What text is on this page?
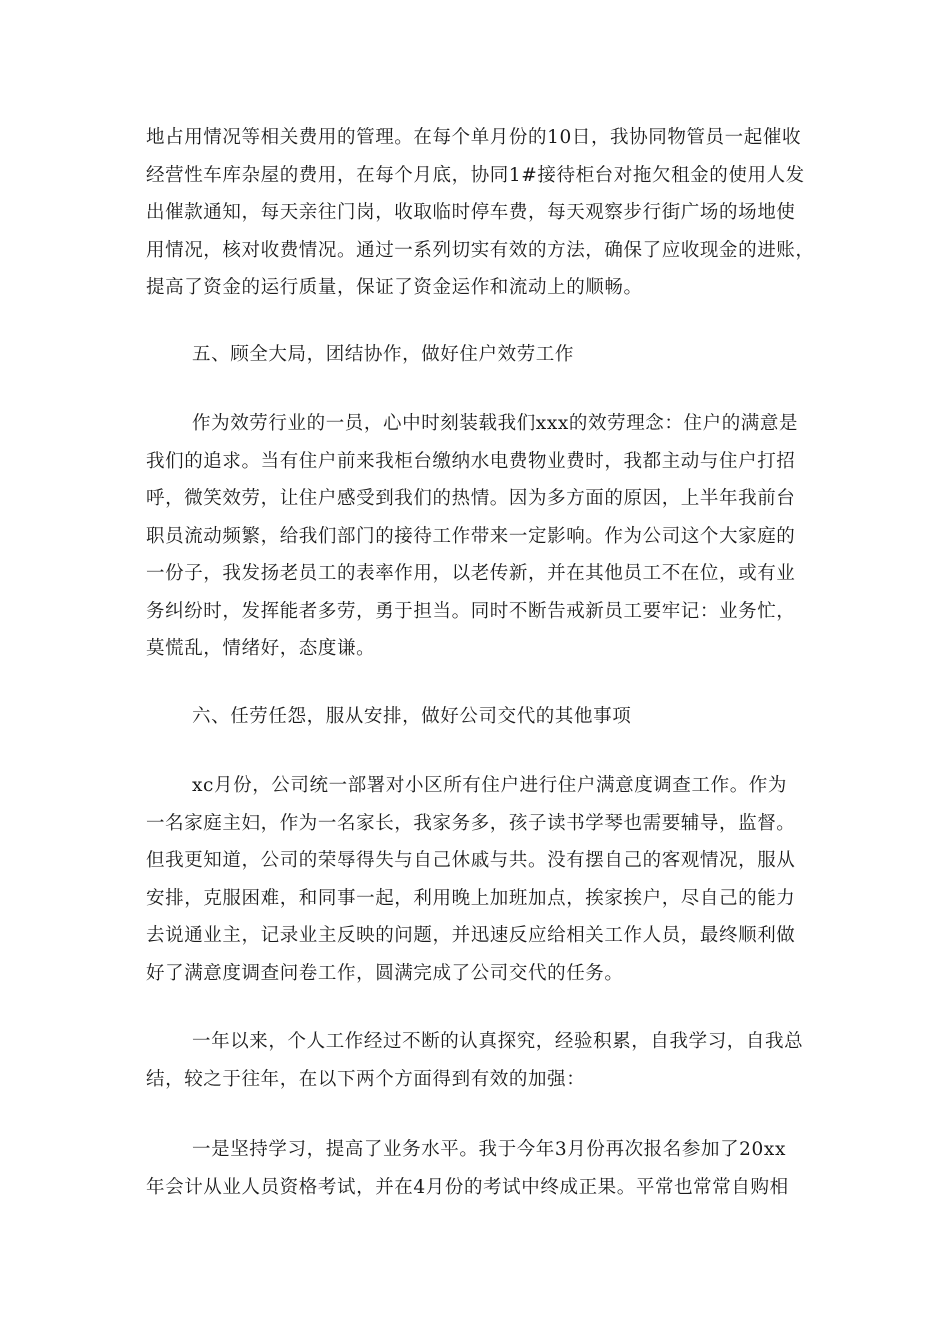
地占用情况等相关费用的管理。在每个单月份的10日，我协同物管员一起催收
经营性车库杂屋的费用，在每个月底，协同1#接待柜台对拖欠租金的使用人发
出催款通知，每天亲往门岗，收取临时停车费，每天观察步行街广场的场地使
用情况，核对收费情况。通过一系列切实有效的方法，确保了应收现金的进账，
提高了资金的运行质量，保证了资金运作和流动上的顺畅。
五、顾全大局，团结协作，做好住户效劳工作
作为效劳行业的一员，心中时刻装载我们xxx的效劳理念：住户的满意是
我们的追求。当有住户前来我柜台缴纳水电费物业费时，我都主动与住户打招
呼，微笑效劳，让住户感受到我们的热情。因为多方面的原因，上半年我前台
职员流动频繁，给我们部门的接待工作带来一定影响。作为公司这个大家庭的
一份子，我发扬老员工的表率作用，以老传新，并在其他员工不在位，或有业
务纠纷时，发挥能者多劳，勇于担当。同时不断告戒新员工要牢记：业务忙，
莫慌乱，情绪好，态度谦。
六、任劳任怨，服从安排，做好公司交代的其他事项
xc月份，公司统一部署对小区所有住户进行住户满意度调查工作。作为
一名家庭主妇，作为一名家长，我家务多，孩子读书学琴也需要辅导，监督。
但我更知道，公司的荣辱得失与自己休戚与共。没有摆自己的客观情况，服从
安排，克服困难，和同事一起，利用晚上加班加点，挨家挨户，尽自己的能力
去说通业主，记录业主反映的问题，并迅速反应给相关工作人员，最终顺利做
好了满意度调查问卷工作，圆满完成了公司交代的任务。
一年以来，个人工作经过不断的认真探究，经验积累，自我学习，自我总
结，较之于往年，在以下两个方面得到有效的加强：
一是坚持学习，提高了业务水平。我于今年3月份再次报名参加了20xx
年会计从业人员资格考试，并在4月份的考试中终成正果。平常也常常自购相
